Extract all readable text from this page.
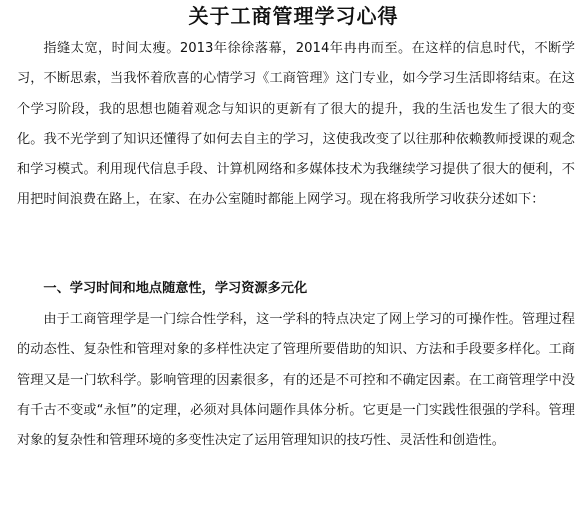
关于工商管理学习心得
指缝太宽，时间太瘦。2013年徐徐落幕，2014年冉冉而至。在这样的信息时代，不断学习，不断思索，当我怀着欣喜的心情学习《工商管理》这门专业，如今学习生活即将结束。在这个学习阶段，我的思想也随着观念与知识的更新有了很大的提升，我的生活也发生了很大的变化。我不光学到了知识还懂得了如何去自主的学习，这使我改变了以往那种依赖教师授课的观念和学习模式。利用现代信息手段、计算机网络和多媒体技术为我继续学习提供了很大的便利，不用把时间浪费在路上，在家、在办公室随时都能上网学习。现在将我所学习收获分述如下：
一、学习时间和地点随意性，学习资源多元化
由于工商管理学是一门综合性学科，这一学科的特点决定了网上学习的可操作性。管理过程的动态性、复杂性和管理对象的多样性决定了管理所要借助的知识、方法和手段要多样化。工商管理又是一门软科学。影响管理的因素很多，有的还是不可控和不确定因素。在工商管理学中没有千古不变或“永恒”的定理，必须对具体问题作具体分析。它更是一门实践性很强的学科。管理对象的复杂性和管理环境的多变性决定了运用管理知识的技巧性、灵活性和创造性。
